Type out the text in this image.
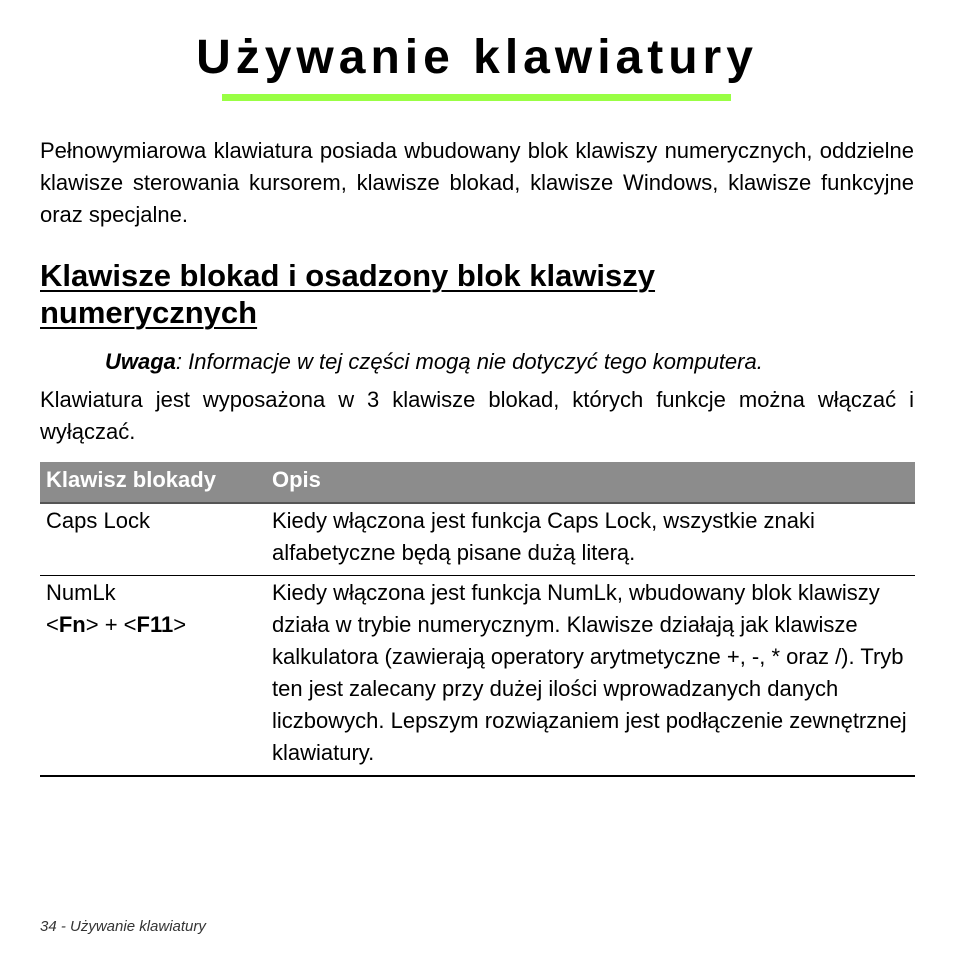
Używanie klawiatury

Pełnowymiarowa klawiatura posiada wbudowany blok klawiszy numerycznych, oddzielne klawisze sterowania kursorem, klawisze blokad, klawisze Windows, klawisze funkcyjne oraz specjalne.

Klawisze blokad i osadzony blok klawiszy numerycznych

Uwaga: Informacje w tej części mogą nie dotyczyć tego komputera.

Klawiatura jest wyposażona w 3 klawisze blokad, których funkcje można włączać i wyłączać.

Klawisz blokady	Opis
Caps Lock	Kiedy włączona jest funkcja Caps Lock, wszystkie znaki alfabetyczne będą pisane dużą literą.

NumLk
<Fn> + <F11>	Kiedy włączona jest funkcja NumLk, wbudowany blok klawiszy działa w trybie numerycznym. Klawisze działają jak klawisze kalkulatora (zawierają operatory arytmetyczne +, -, * oraz /). Tryb ten jest zalecany przy dużej ilości wprowadzanych danych liczbowych. Lepszym rozwiązaniem jest podłączenie zewnętrznej klawiatury.

34 - Używanie klawiatury
